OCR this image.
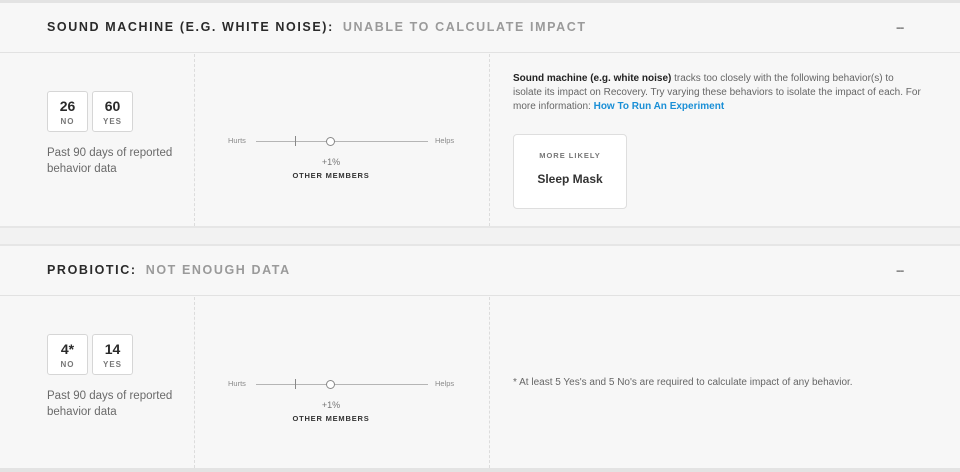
SOUND MACHINE (E.G. WHITE NOISE): UNABLE TO CALCULATE IMPACT	--
26
NO
60
YES
Past 90 days of reported behavior data
Hurts	Helps
+1%
OTHER MEMBERS
Sound machine (e.g. white noise) tracks too closely with the following behavior(s) to isolate its impact on Recovery. Try varying these behaviors to isolate the impact of each. For more information: How To Run An Experiment
MORE LIKELY
Sleep Mask
PROBIOTIC: NOT ENOUGH DATA	--
4*
NO
14
YES
Past 90 days of reported behavior data
Hurts	Helps
+1%
OTHER MEMBERS
* At least 5 Yes's and 5 No's are required to calculate impact of any behavior.
